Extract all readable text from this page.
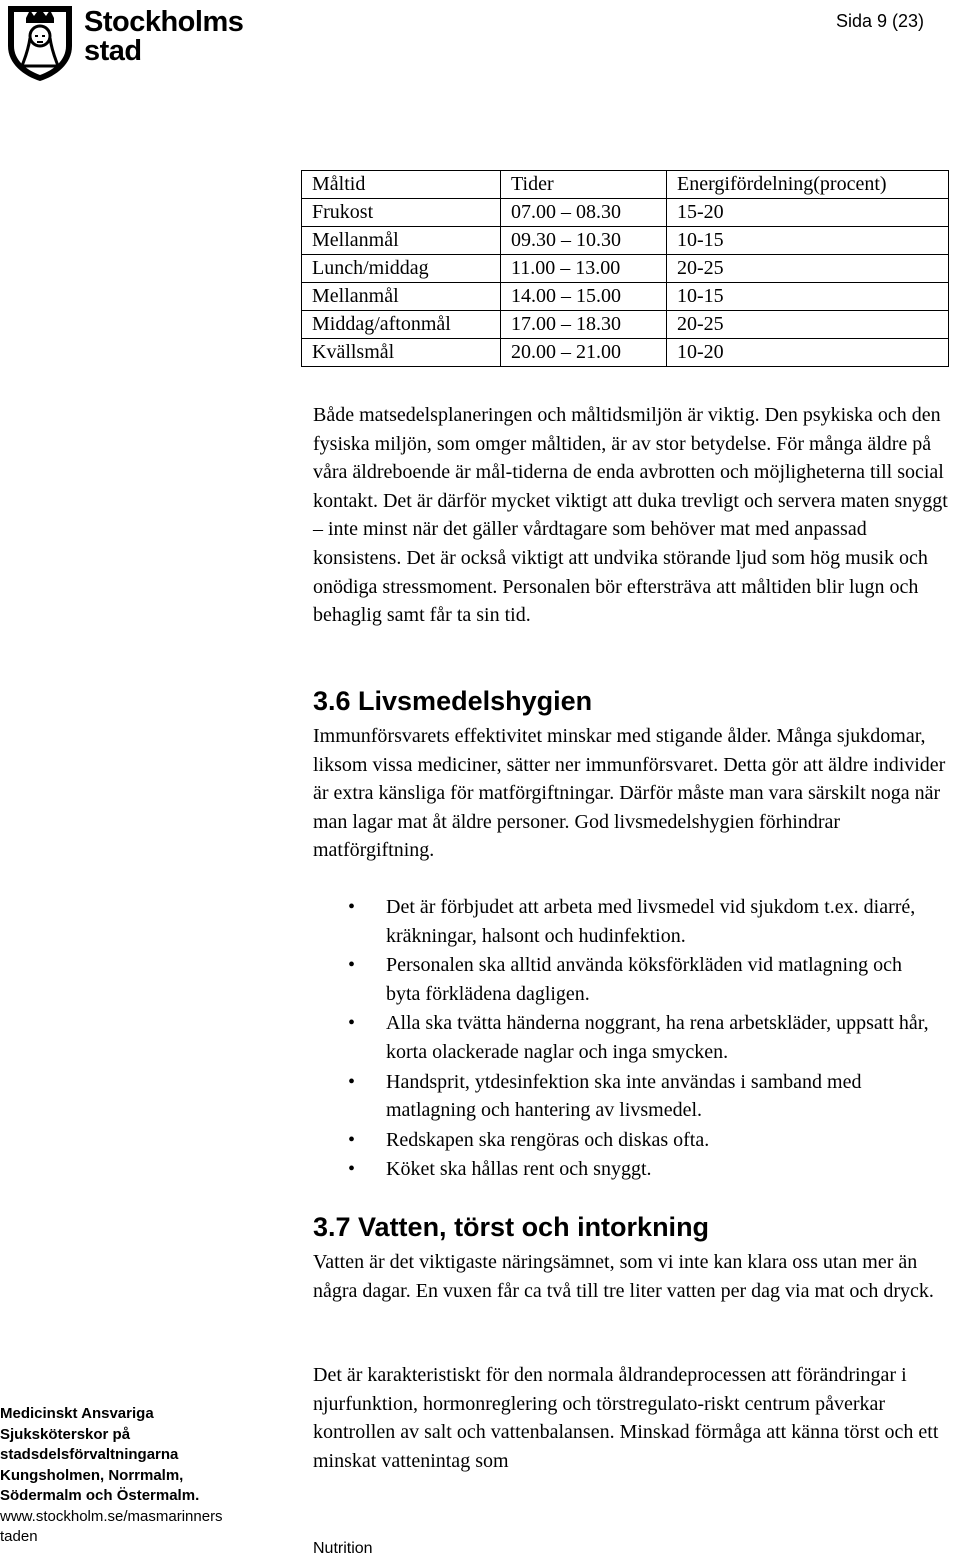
Stockholms
stad
Sida 9 (23)
Måltid	Tider	Energifördelning(procent)
Frukost	07.00 – 08.30	15-20
Mellanmål	09.30 – 10.30	10-15
Lunch/middag	11.00 – 13.00	20-25
Mellanmål	14.00 – 15.00	10-15
Middag/aftonmål	17.00 – 18.30	20-25
Kvällsmål	20.00 – 21.00	10-20
Både matsedelsplaneringen och måltidsmiljön är viktig. Den psykiska och den fysiska miljön, som omger måltiden, är av stor betydelse. För många äldre på våra äldreboende är mål-tiderna de enda avbrotten och möjligheterna till social kontakt. Det är därför mycket viktigt att duka trevligt och servera maten snyggt – inte minst när det gäller vårdtagare som behöver mat med anpassad konsistens. Det är också viktigt att undvika störande ljud som hög musik och onödiga stressmoment. Personalen bör eftersträva att måltiden blir lugn och behaglig samt får ta sin tid.
3.6 Livsmedelshygien
Immunförsvarets effektivitet minskar med stigande ålder. Många sjukdomar, liksom vissa mediciner, sätter ner immunförsvaret. Detta gör att äldre individer är extra känsliga för matförgiftningar. Därför måste man vara särskilt noga när man lagar mat åt äldre personer. God livsmedelshygien förhindrar matförgiftning.
• Det är förbjudet att arbeta med livsmedel vid sjukdom t.ex. diarré, kräkningar, halsont och hudinfektion.
• Personalen ska alltid använda köksförkläden vid matlagning och byta förklädena dagligen.
• Alla ska tvätta händerna noggrant, ha rena arbetskläder, uppsatt hår, korta olackerade naglar och inga smycken.
• Handsprit, ytdesinfektion ska inte användas i samband med matlagning och hantering av livsmedel.
• Redskapen ska rengöras och diskas ofta.
• Köket ska hållas rent och snyggt.
3.7 Vatten, törst och intorkning
Vatten är det viktigaste näringsämnet, som vi inte kan klara oss utan mer än några dagar. En vuxen får ca två till tre liter vatten per dag via mat och dryck.
Det är karakteristiskt för den normala åldrandeprocessen att förändringar i njurfunktion, hormonreglering och törstregulato-riskt centrum påverkar kontrollen av salt och vattenbalansen. Minskad förmåga att känna törst och ett minskat vattenintag som
Medicinskt Ansvariga
Sjuksköterskor på
stadsdelsförvaltningarna
Kungsholmen, Norrmalm,
Södermalm och Östermalm.
www.stockholm.se/masmarinners
taden
Nutrition
